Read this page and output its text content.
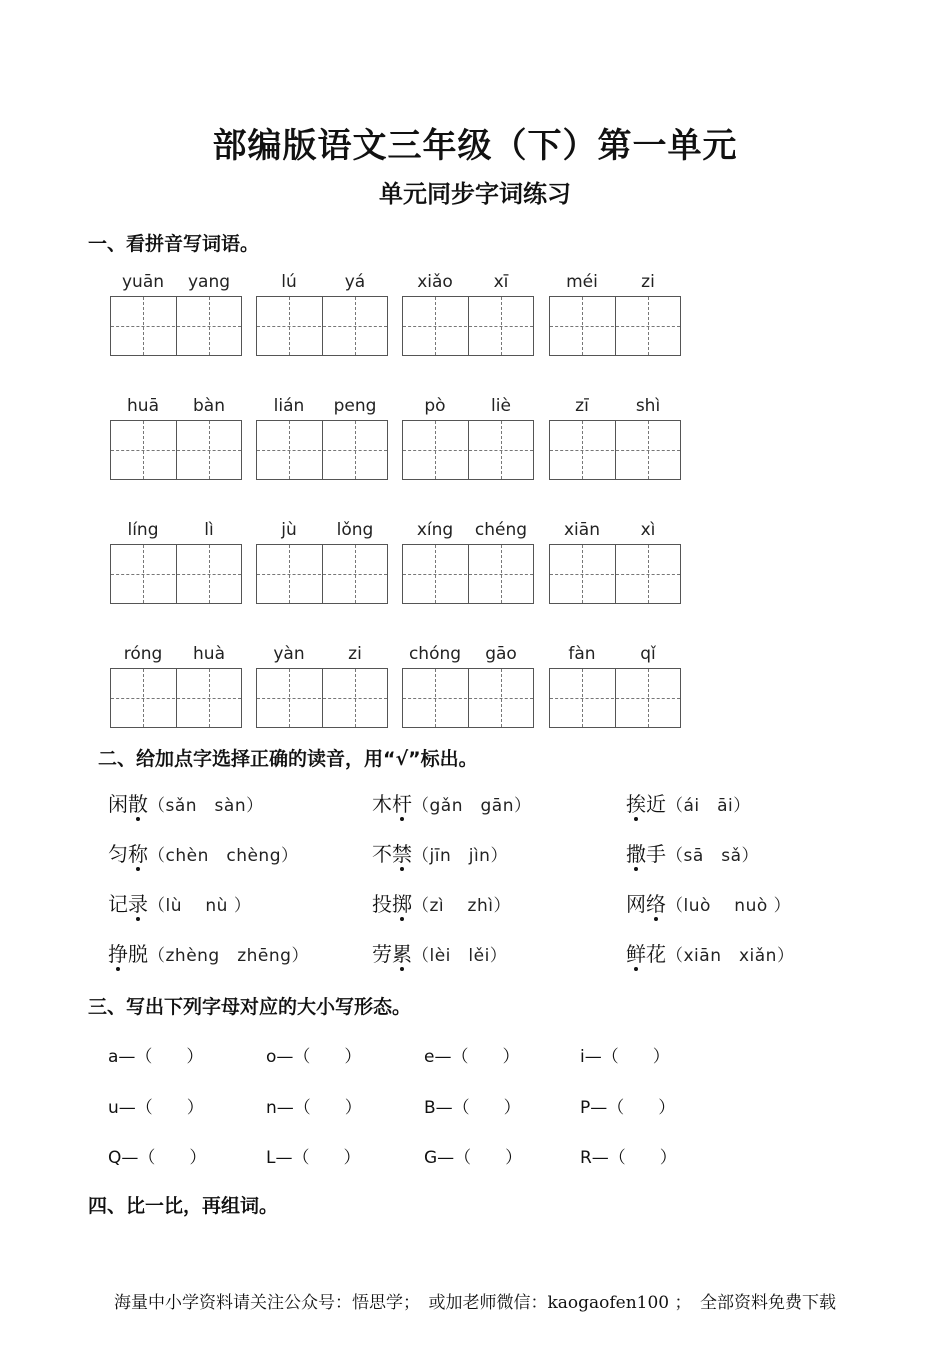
部编版语文三年级（下）第一单元
单元同步字词练习
一、看拼音写词语。
yuān	yang	lú	yá	xiǎo	xī	méi	zi
huā	bàn	lián	peng	pò	liè	zī	shì
líng	lì	jù	lǒng	xíng	chéng	xiān	xì
róng	huà	yàn	zi	chóng	gāo	fàn	qǐ
二、给加点字选择正确的读音，用“√”标出。
闲散（sǎn　sàn）	木杆（gǎn　gān）	挨近（ái　āi）
匀称（chèn　chèng）	不禁（jīn　jìn）	撒手（sā　sǎ）
记录（lù　 nù ）	投掷（zì　 zhì）	网络（luò　 nuò ）
挣脱（zhèng　zhēng）	劳累（lèi　lěi）	鲜花（xiān　xiǎn）
三、写出下列字母对应的大小写形态。
a—（　　）	o—（　　）	e—（　　）	i—（　　）
u—（　　）	n—（　　）	B—（　　）	P—（　　）
Q—（　　）	L—（　　）	G—（　　）	R—（　　）
四、比一比，再组词。
海量中小学资料请关注公众号：悟思学；　或加老师微信：kaogaofen100 ；　全部资料免费下载
